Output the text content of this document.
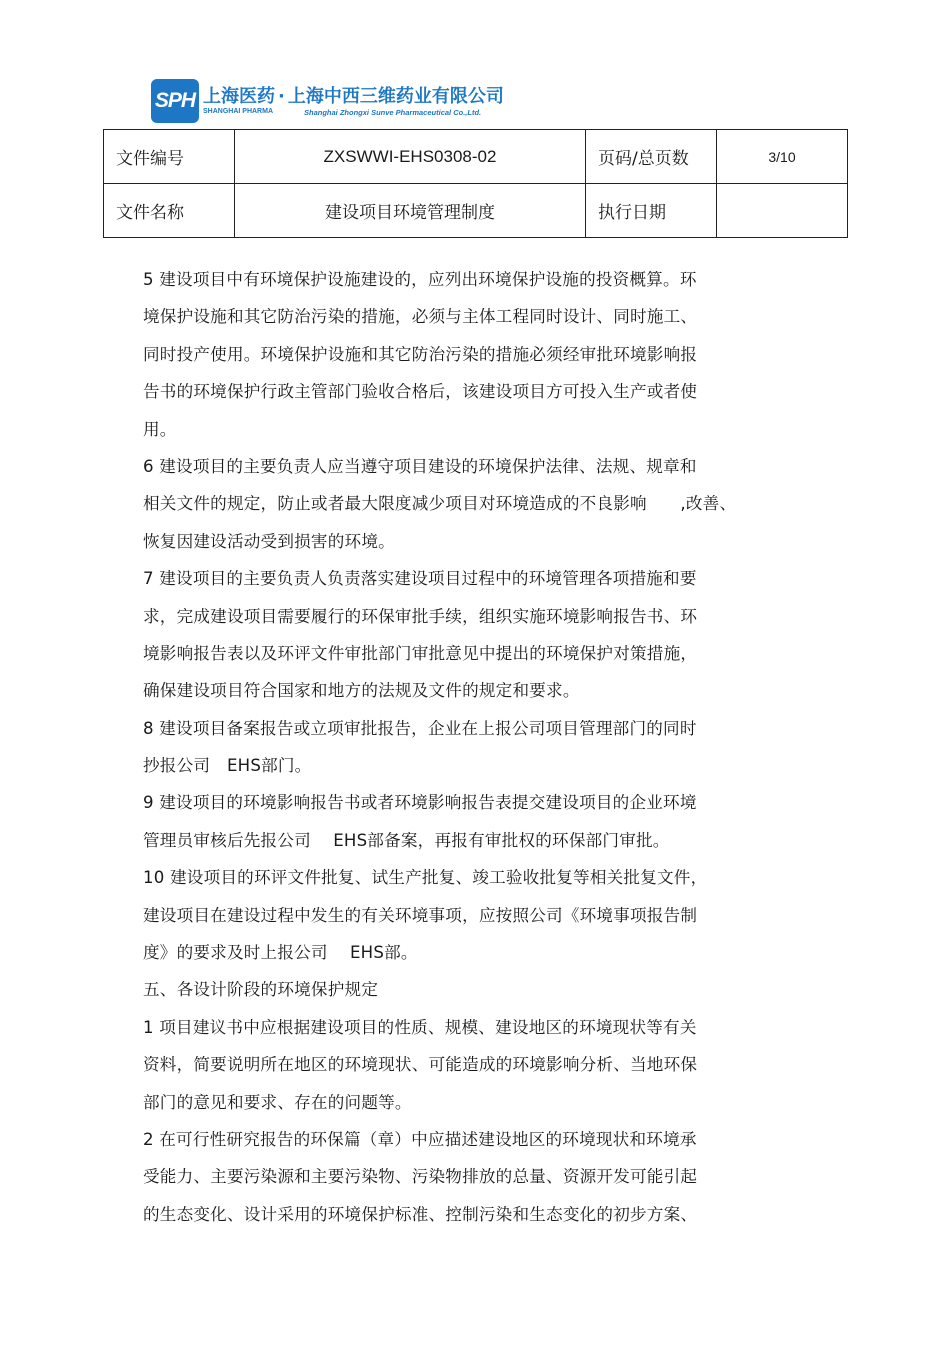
SPH 上海医药 · 上海中西三维药业有限公司
SHANGHAI PHARMA	Shanghai Zhongxi Sunve Pharmaceutical Co.,Ltd.
文件编号	ZXSWWI-EHS0308-02	页码/总页数	3/10
文件名称	建设项目环境管理制度	执行日期	
5 建设项目中有环境保护设施建设的，应列出环境保护设施的投资概算。环
境保护设施和其它防治污染的措施，必须与主体工程同时设计、同时施工、
同时投产使用。环境保护设施和其它防治污染的措施必须经审批环境影响报
告书的环境保护行政主管部门验收合格后，该建设项目方可投入生产或者使
用。
6 建设项目的主要负责人应当遵守项目建设的环境保护法律、法规、规章和
相关文件的规定，防止或者最大限度减少项目对环境造成的不良影响　　,改善、
恢复因建设活动受到损害的环境。
7 建设项目的主要负责人负责落实建设项目过程中的环境管理各项措施和要
求，完成建设项目需要履行的环保审批手续，组织实施环境影响报告书、环
境影响报告表以及环评文件审批部门审批意见中提出的环境保护对策措施，
确保建设项目符合国家和地方的法规及文件的规定和要求。
8 建设项目备案报告或立项审批报告，企业在上报公司项目管理部门的同时
抄报公司　EHS部门。
9 建设项目的环境影响报告书或者环境影响报告表提交建设项目的企业环境
管理员审核后先报公司　 EHS部备案，再报有审批权的环保部门审批。
10 建设项目的环评文件批复、试生产批复、竣工验收批复等相关批复文件，
建设项目在建设过程中发生的有关环境事项，应按照公司《环境事项报告制
度》的要求及时上报公司　 EHS部。
五、各设计阶段的环境保护规定
1 项目建议书中应根据建设项目的性质、规模、建设地区的环境现状等有关
资料，简要说明所在地区的环境现状、可能造成的环境影响分析、当地环保
部门的意见和要求、存在的问题等。
2 在可行性研究报告的环保篇（章）中应描述建设地区的环境现状和环境承
受能力、主要污染源和主要污染物、污染物排放的总量、资源开发可能引起
的生态变化、设计采用的环境保护标准、控制污染和生态变化的初步方案、
